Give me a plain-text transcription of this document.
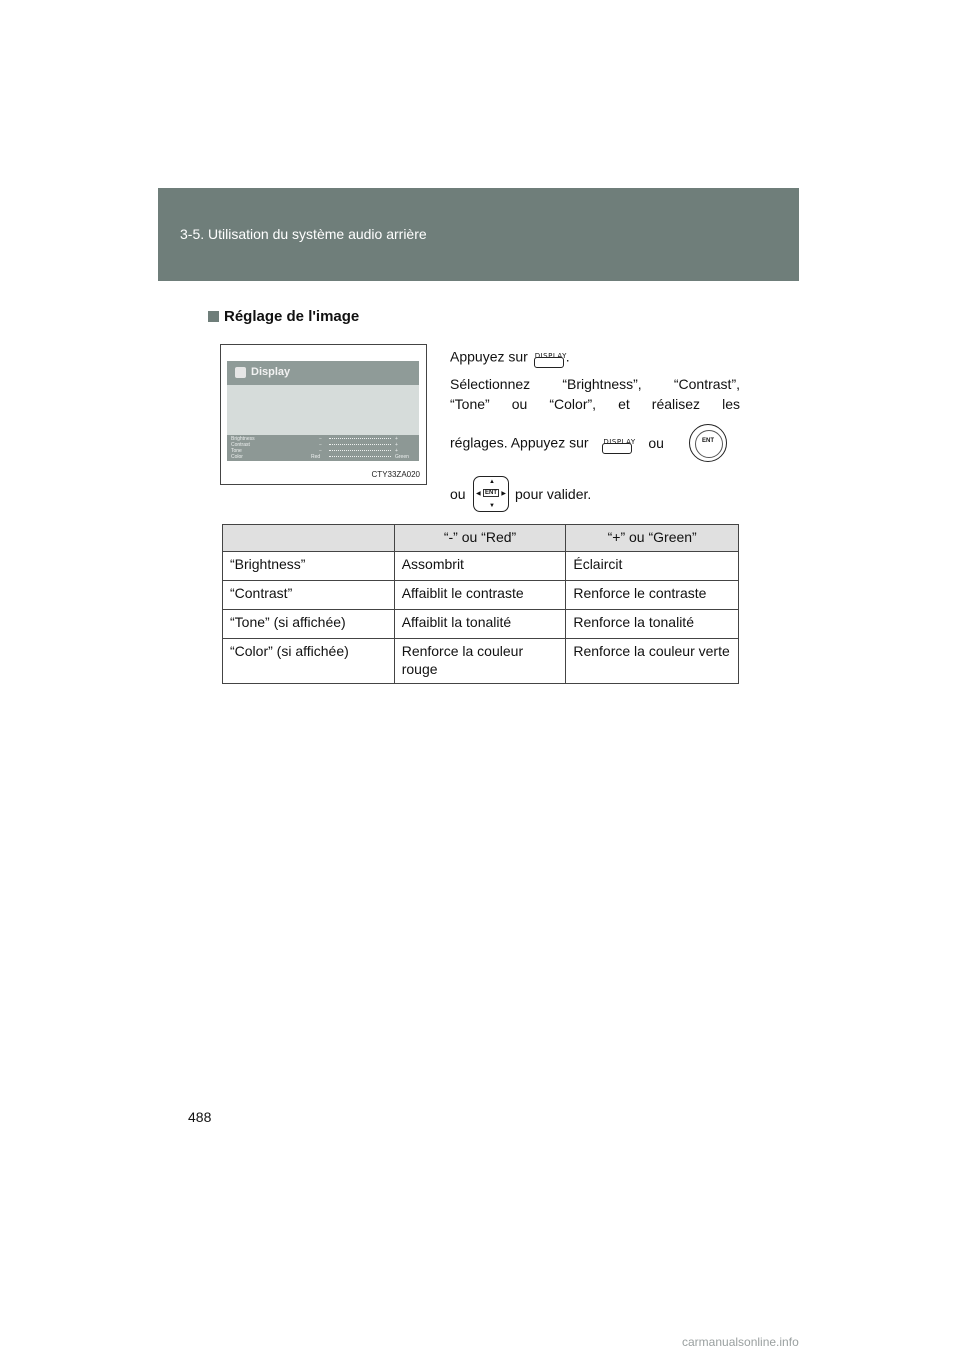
3-5. Utilisation du système audio arrière
Réglage de l'image
Display
Brightness	−	+
Contrast	−	+
Tone	−	+
Color	Red	Green
CTY33ZA020
Appuyez sur DISPLAY
.
Sélectionnez “Brightness”, “Contrast”,
“Tone” ou “Color”, et réalisez les
réglages. Appuyez sur DISPLAY ou	ENT
ou
▲
▼
◀	▶
ENT pour valider.
	“-” ou “Red”	“+” ou “Green”
“Brightness”	Assombrit	Éclaircit
“Contrast”	Affaiblit le contraste	Renforce le contraste
“Tone” (si affichée)	Affaiblit la tonalité	Renforce la tonalité
“Color” (si affichée)	Renforce la couleur rouge	Renforce la couleur verte
488
carmanualsonline.info
